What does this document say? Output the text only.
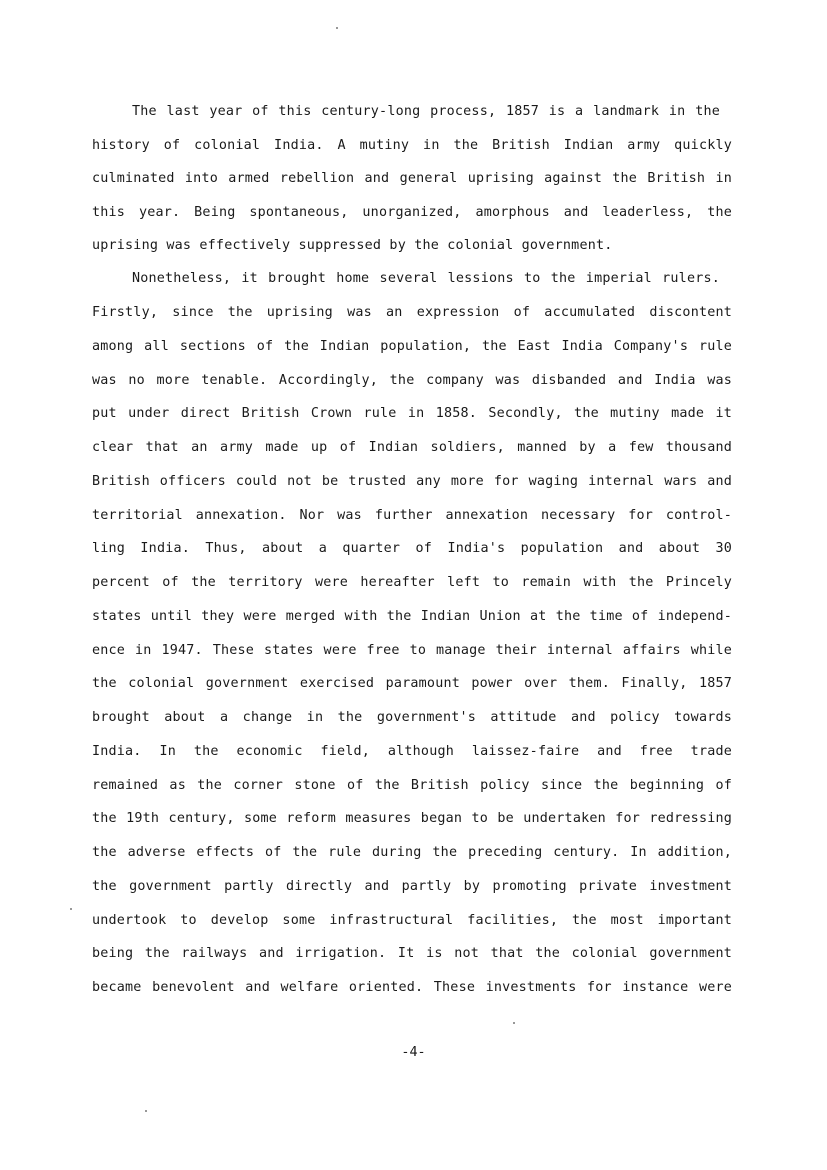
The last year of this century-long process, 1857 is a landmark in the
history of colonial India. A mutiny in the British Indian army quickly
culminated into armed rebellion and general uprising against the British in
this year. Being spontaneous, unorganized, amorphous and leaderless, the
uprising was effectively suppressed by the colonial government.
Nonetheless, it brought home several lessions to the imperial rulers.
Firstly, since the uprising was an expression of accumulated discontent
among all sections of the Indian population, the East India Company's rule
was no more tenable. Accordingly, the company was disbanded and India was
put under direct British Crown rule in 1858. Secondly, the mutiny made it
clear that an army made up of Indian soldiers, manned by a few thousand
British officers could not be trusted any more for waging internal wars and
territorial annexation. Nor was further annexation necessary for control-
ling India. Thus, about a quarter of India's population and about 30
percent of the territory were hereafter left to remain with the Princely
states until they were merged with the Indian Union at the time of independ-
ence in 1947. These states were free to manage their internal affairs while
the colonial government exercised paramount power over them. Finally, 1857
brought about a change in the government's attitude and policy towards
India. In the economic field, although laissez-faire and free trade
remained as the corner stone of the British policy since the beginning of
the 19th century, some reform measures began to be undertaken for redressing
the adverse effects of the rule during the preceding century. In addition,
the government partly directly and partly by promoting private investment
undertook to develop some infrastructural facilities, the most important
being the railways and irrigation. It is not that the colonial government
became benevolent and welfare oriented. These investments for instance were
-4-
